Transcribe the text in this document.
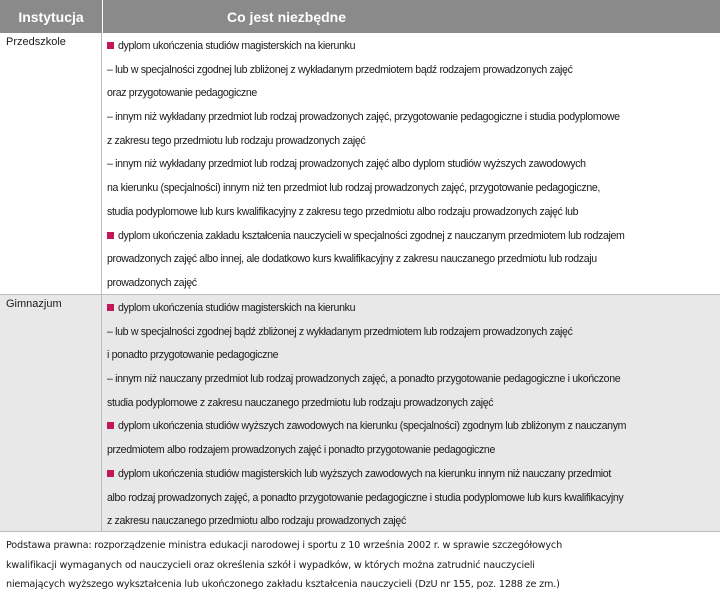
Instytucja	Co jest niezbędne
Przedszkole	dyplom ukończenia studiów magisterskich na kierunku
– lub w specjalności zgodnej lub zbliżonej z wykładanym przedmiotem bądź rodzajem prowadzonych zajęć
oraz przygotowanie pedagogiczne
– innym niż wykładany przedmiot lub rodzaj prowadzonych zajęć, przygotowanie pedagogiczne i studia podyplomowe
z zakresu tego przedmiotu lub rodzaju prowadzonych zajęć
– innym niż wykładany przedmiot lub rodzaj prowadzonych zajęć albo dyplom studiów wyższych zawodowych
na kierunku (specjalności) innym niż ten przedmiot lub rodzaj prowadzonych zajęć, przygotowanie pedagogiczne,
studia podyplomowe lub kurs kwalifikacyjny z zakresu tego przedmiotu albo rodzaju prowadzonych zajęć lub
dyplom ukończenia zakładu kształcenia nauczycieli w specjalności zgodnej z nauczanym przedmiotem lub rodzajem
prowadzonych zajęć albo innej, ale dodatkowo kurs kwalifikacyjny z zakresu nauczanego przedmiotu lub rodzaju
prowadzonych zajęć
Gimnazjum	dyplom ukończenia studiów magisterskich na kierunku
– lub w specjalności zgodnej bądź zbliżonej z wykładanym przedmiotem lub rodzajem prowadzonych zajęć
i ponadto przygotowanie pedagogiczne
– innym niż nauczany przedmiot lub rodzaj prowadzonych zajęć, a ponadto przygotowanie pedagogiczne i ukończone
studia podyplomowe z zakresu nauczanego przedmiotu lub rodzaju prowadzonych zajęć
dyplom ukończenia studiów wyższych zawodowych na kierunku (specjalności) zgodnym lub zbliżonym z nauczanym
przedmiotem albo rodzajem prowadzonych zajęć i ponadto przygotowanie pedagogiczne
dyplom ukończenia studiów magisterskich lub wyższych zawodowych na kierunku innym niż nauczany przedmiot
albo rodzaj prowadzonych zajęć, a ponadto przygotowanie pedagogiczne i studia podyplomowe lub kurs kwalifikacyjny
z zakresu nauczanego przedmiotu albo rodzaju prowadzonych zajęć
Podstawa prawna: rozporządzenie ministra edukacji narodowej i sportu z 10 września 2002 r. w sprawie szczegółowych
kwalifikacji wymaganych od nauczycieli oraz określenia szkół i wypadków, w których można zatrudnić nauczycieli
niemających wyższego wykształcenia lub ukończonego zakładu kształcenia nauczycieli (DzU nr 155, poz. 1288 ze zm.)
